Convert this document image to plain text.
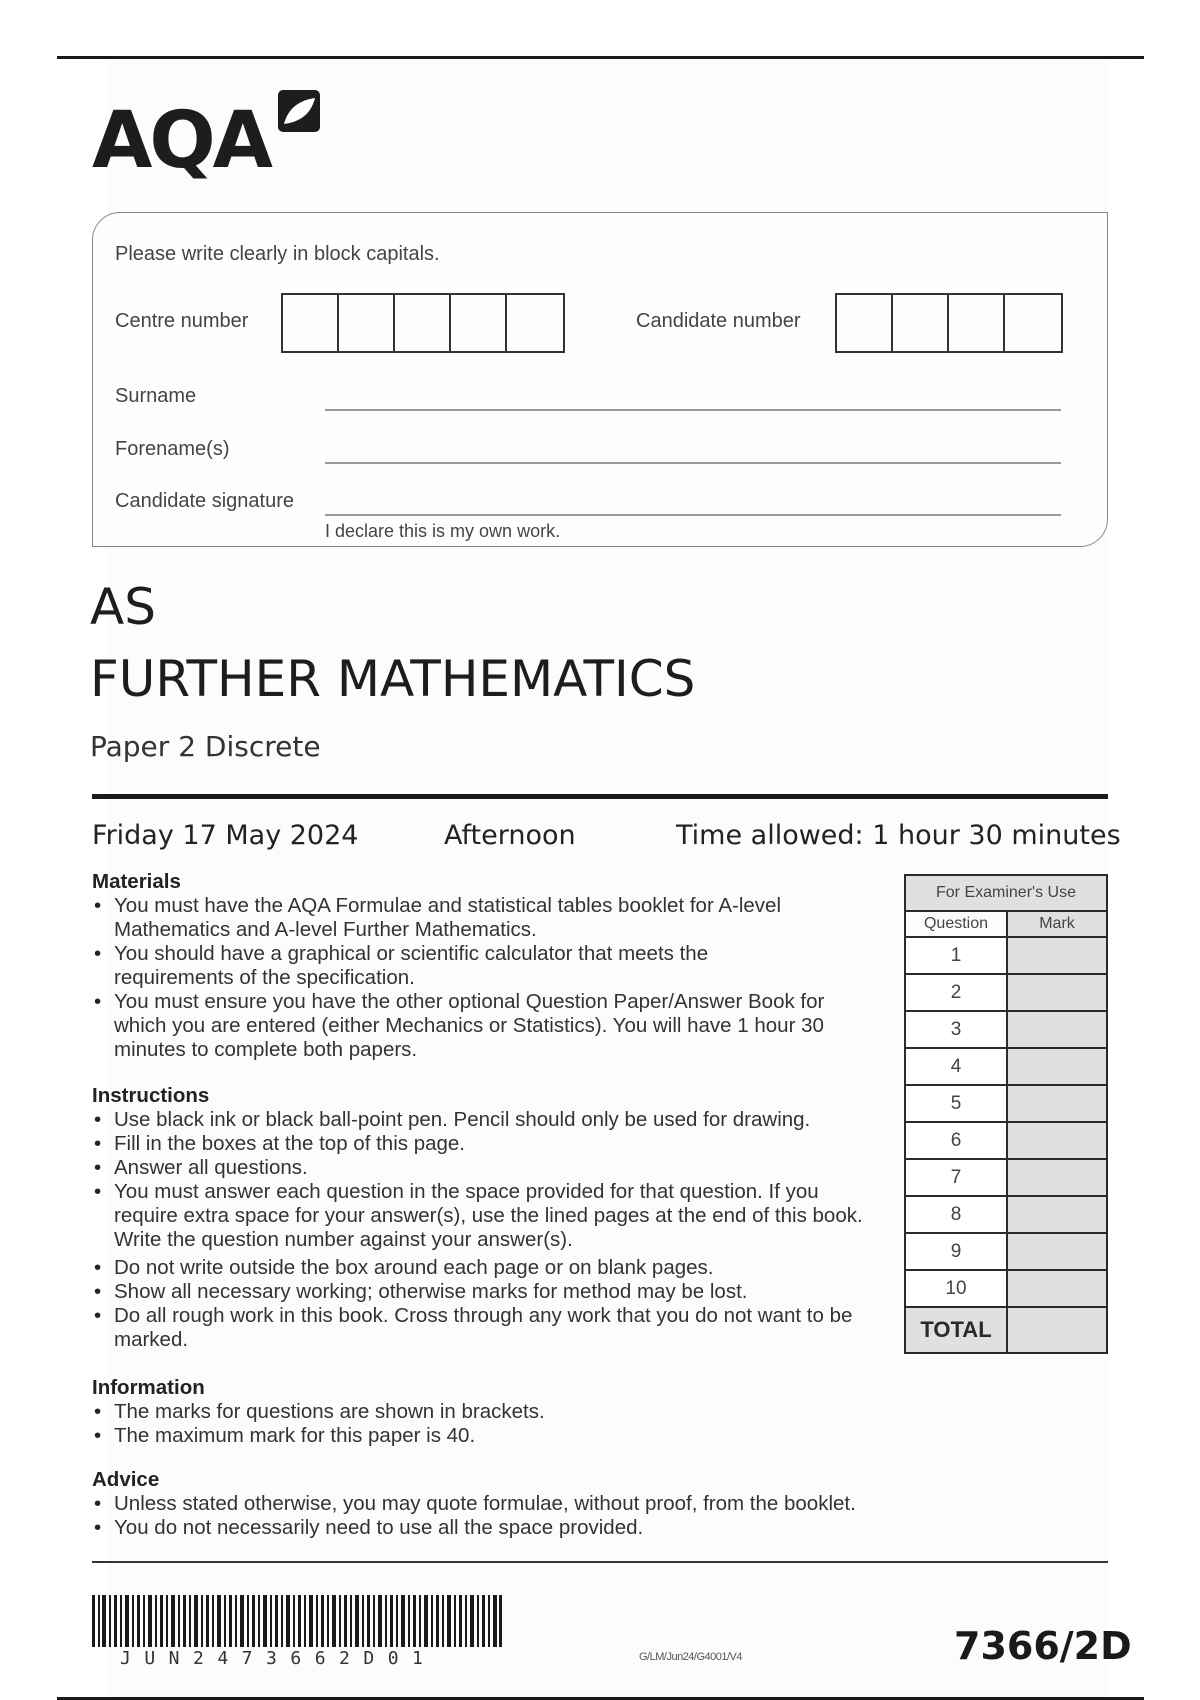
AQA
Please write clearly in block capitals.
Centre number	Candidate number
Surname
Forename(s)
Candidate signature
I declare this is my own work.
AS
FURTHER MATHEMATICS
Paper 2 Discrete
Friday 17 May 2024	Afternoon	Time allowed: 1 hour 30 minutes
Materials
• You must have the AQA Formulae and statistical tables booklet for A-level Mathematics and A-level Further Mathematics.
• You should have a graphical or scientific calculator that meets the requirements of the specification.
• You must ensure you have the other optional Question Paper/Answer Book for which you are entered (either Mechanics or Statistics). You will have 1 hour 30 minutes to complete both papers.
Instructions
• Use black ink or black ball-point pen. Pencil should only be used for drawing.
• Fill in the boxes at the top of this page.
• Answer all questions.
• You must answer each question in the space provided for that question. If you require extra space for your answer(s), use the lined pages at the end of this book. Write the question number against your answer(s).
• Do not write outside the box around each page or on blank pages.
• Show all necessary working; otherwise marks for method may be lost.
• Do all rough work in this book. Cross through any work that you do not want to be marked.
Information
• The marks for questions are shown in brackets.
• The maximum mark for this paper is 40.
Advice
• Unless stated otherwise, you may quote formulae, without proof, from the booklet.
• You do not necessarily need to use all the space provided.
For Examiner's Use	
Question	Mark
1	
2	
3	
4	
5	
6	
7	
8	
9	
10	
TOTAL	
JUN2473662D01	G/LM/Jun24/G4001/V4	7366/2D
